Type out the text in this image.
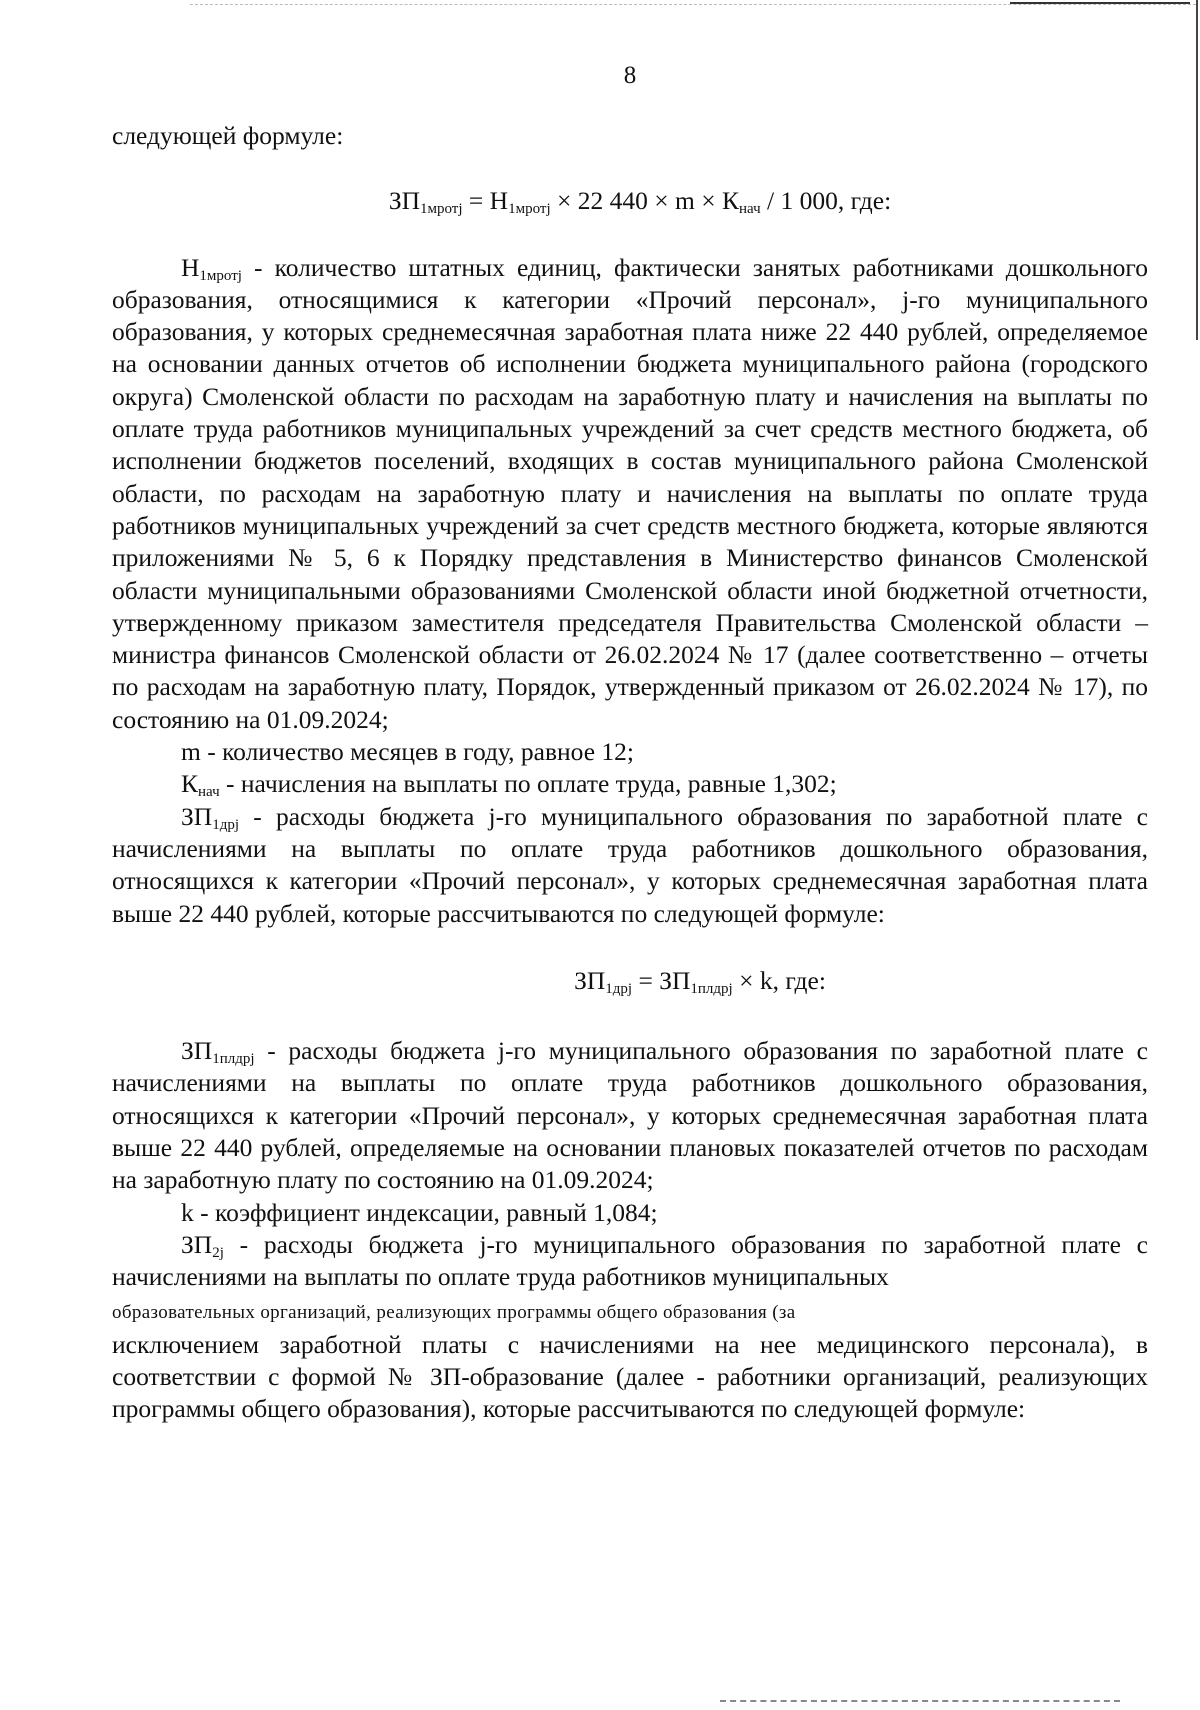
8

следующей формуле:

$ЗП_{1мротj} = Н_{1мротj} \times 22$ $440 \times m \times К_{нач} / 1$ 000, где:

$Н_{1мротj}$ - количество штатных единиц, фактически занятых работниками дошкольного образования, относящимися к категории «Прочий персонал», j-го муниципального образования, у которых среднемесячная заработная плата ниже 22 440 рублей, определяемое на основании данных отчетов об исполнении бюджета муниципального района (городского округа) Смоленской области по расходам на заработную плату и начисления на выплаты по оплате труда работников муниципальных учреждений за счет средств местного бюджета, об исполнении бюджетов поселений, входящих в состав муниципального района Смоленской области, по расходам на заработную плату и начисления на выплаты по оплате труда работников муниципальных учреждений за счет средств местного бюджета, которые являются приложениями № 5, 6 к Порядку представления в Министерство финансов Смоленской области муниципальными образованиями Смоленской области иной бюджетной отчетности, утвержденному приказом заместителя председателя Правительства Смоленской области – министра финансов Смоленской области от 26.02.2024 № 17 (далее соответственно – отчеты по расходам на заработную плату, Порядок, утвержденный приказом от 26.02.2024 № 17), по состоянию на 01.09.2024;

m - количество месяцев в году, равное 12;

$К_{нач}$ - начисления на выплаты по оплате труда, равные 1,302;

$ЗП_{1дрj}$ - расходы бюджета j-го муниципального образования по заработной плате с начислениями на выплаты по оплате труда работников дошкольного образования, относящихся к категории «Прочий персонал», у которых среднемесячная заработная плата выше 22 440 рублей, которые рассчитываются по следующей формуле:

$ЗП_{1дрj} = ЗП_{1плдрj} \times k$, где:

$ЗП_{1плдрj}$ - расходы бюджета j-го муниципального образования по заработной плате с начислениями на выплаты по оплате труда работников дошкольного образования, относящихся к категории «Прочий персонал», у которых среднемесячная заработная плата выше 22 440 рублей, определяемые на основании плановых показателей отчетов по расходам на заработную плату по состоянию на 01.09.2024;

k - коэффициент индексации, равный 1,084;

$ЗП_{2j}$ - расходы бюджета j-го муниципального образования по заработной плате с начислениями на выплаты по оплате труда работников муниципальных
образовательных организаций, реализующих программы общего образования (за
исключением заработной платы с начислениями на нее медицинского персонала), в соответствии с формой № ЗП-образование (далее - работники организаций, реализующих программы общего образования), которые рассчитываются по следующей формуле:
